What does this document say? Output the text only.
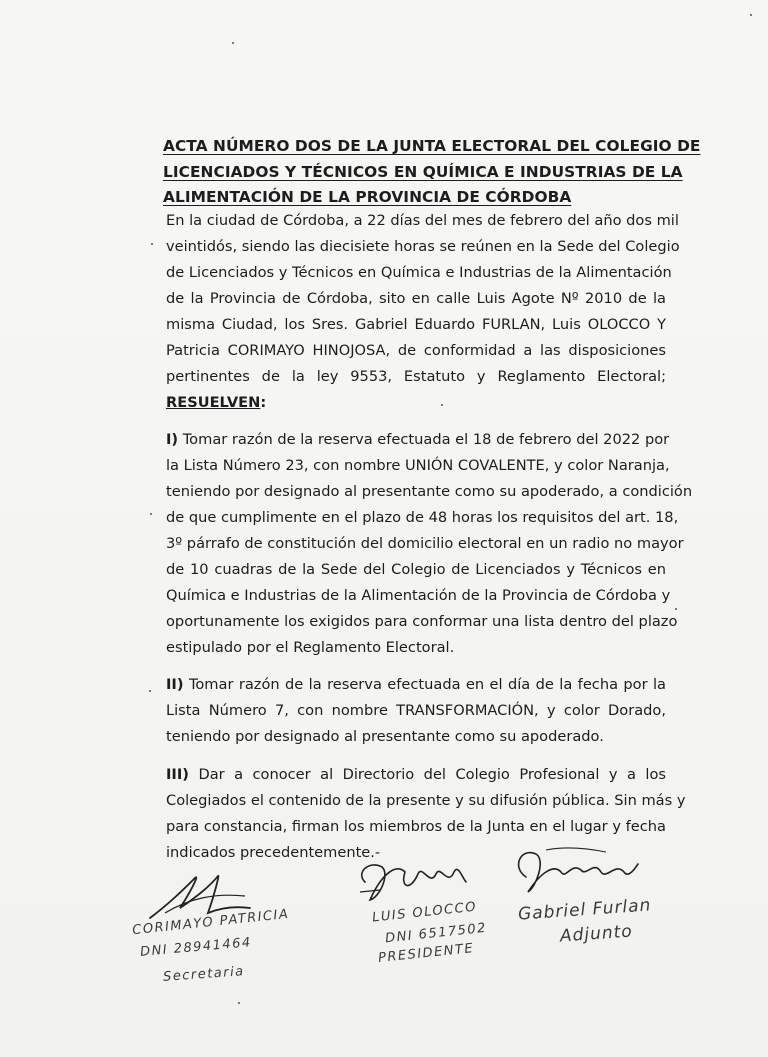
ACTA NÚMERO DOS DE LA JUNTA ELECTORAL DEL COLEGIO DE
LICENCIADOS Y TÉCNICOS EN QUÍMICA E INDUSTRIAS DE LA
ALIMENTACIÓN DE LA PROVINCIA DE CÓRDOBA

En la ciudad de Córdoba, a 22 días del mes de febrero del año dos mil
veintidós, siendo las diecisiete horas se reúnen en la Sede del Colegio
de Licenciados y Técnicos en Química e Industrias de la Alimentación
de la Provincia de Córdoba, sito en calle Luis Agote Nº 2010 de la
misma Ciudad, los Sres. Gabriel Eduardo FURLAN, Luis OLOCCO Y
Patricia CORIMAYO HINOJOSA, de conformidad a las disposiciones
pertinentes de la ley 9553, Estatuto y Reglamento Electoral;
RESUELVEN:

I) Tomar razón de la reserva efectuada el 18 de febrero del 2022 por
la Lista Número 23, con nombre UNIÓN COVALENTE, y color Naranja,
teniendo por designado al presentante como su apoderado, a condición
de que cumplimente en el plazo de 48 horas los requisitos del art. 18,
3º párrafo de constitución del domicilio electoral en un radio no mayor
de 10 cuadras de la Sede del Colegio de Licenciados y Técnicos en
Química e Industrias de la Alimentación de la Provincia de Córdoba y
oportunamente los exigidos para conformar una lista dentro del plazo
estipulado por el Reglamento Electoral.

II) Tomar razón de la reserva efectuada en el día de la fecha por la
Lista Número 7, con nombre TRANSFORMACIÓN, y color Dorado,
teniendo por designado al presentante como su apoderado.

III) Dar a conocer al Directorio del Colegio Profesional y a los
Colegiados el contenido de la presente y su difusión pública. Sin más y
para constancia, firman los miembros de la Junta en el lugar y fecha
indicados precedentemente.-

CORIMAYO PATRICIA
DNI 28941464
Secretaria
LUIS OLOCCO
DNI 6517502
PRESIDENTE
Gabriel Furlan
Adjunto
